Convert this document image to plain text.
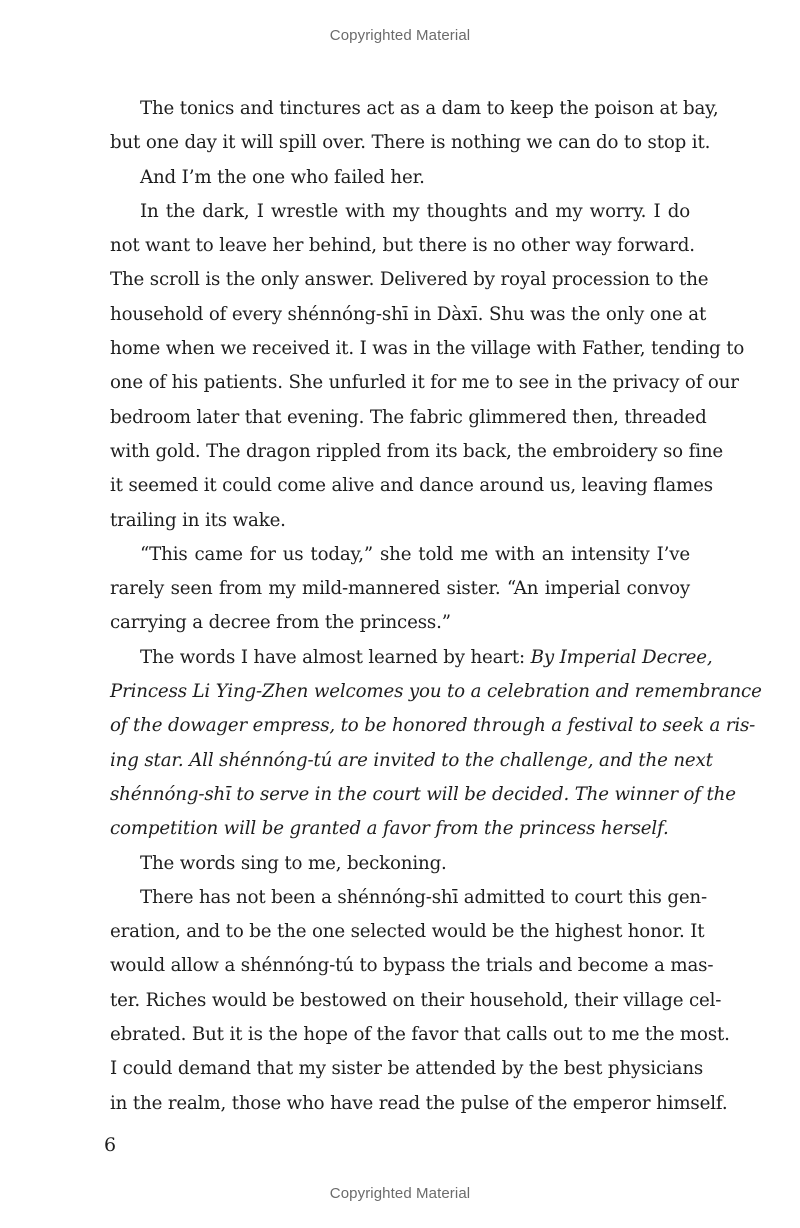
Copyrighted Material
The tonics and tinctures act as a dam to keep the poison at bay,
but one day it will spill over. There is nothing we can do to stop it.
And I’m the one who failed her.
In the dark, I wrestle with my thoughts and my worry. I do
not want to leave her behind, but there is no other way forward.
The scroll is the only answer. Delivered by royal procession to the
household of every shénnóng-shī in Dàxī. Shu was the only one at
home when we received it. I was in the village with Father, tending to
one of his patients. She unfurled it for me to see in the privacy of our
bedroom later that evening. The fabric glimmered then, threaded
with gold. The dragon rippled from its back, the embroidery so fine
it seemed it could come alive and dance around us, leaving flames
trailing in its wake.
“This came for us today,” she told me with an intensity I’ve
rarely seen from my mild-mannered sister. “An imperial convoy
carrying a decree from the princess.”
The words I have almost learned by heart: By Imperial Decree,
Princess Li Ying-Zhen welcomes you to a celebration and remembrance
of the dowager empress, to be honored through a festival to seek a ris-
ing star. All shénnóng-tú are invited to the challenge, and the next
shénnóng-shī to serve in the court will be decided. The winner of the
competition will be granted a favor from the princess herself.
The words sing to me, beckoning.
There has not been a shénnóng-shī admitted to court this gen-
eration, and to be the one selected would be the highest honor. It
would allow a shénnóng-tú to bypass the trials and become a mas-
ter. Riches would be bestowed on their household, their village cel-
ebrated. But it is the hope of the favor that calls out to me the most.
I could demand that my sister be attended by the best physicians
in the realm, those who have read the pulse of the emperor himself.
6
Copyrighted Material
